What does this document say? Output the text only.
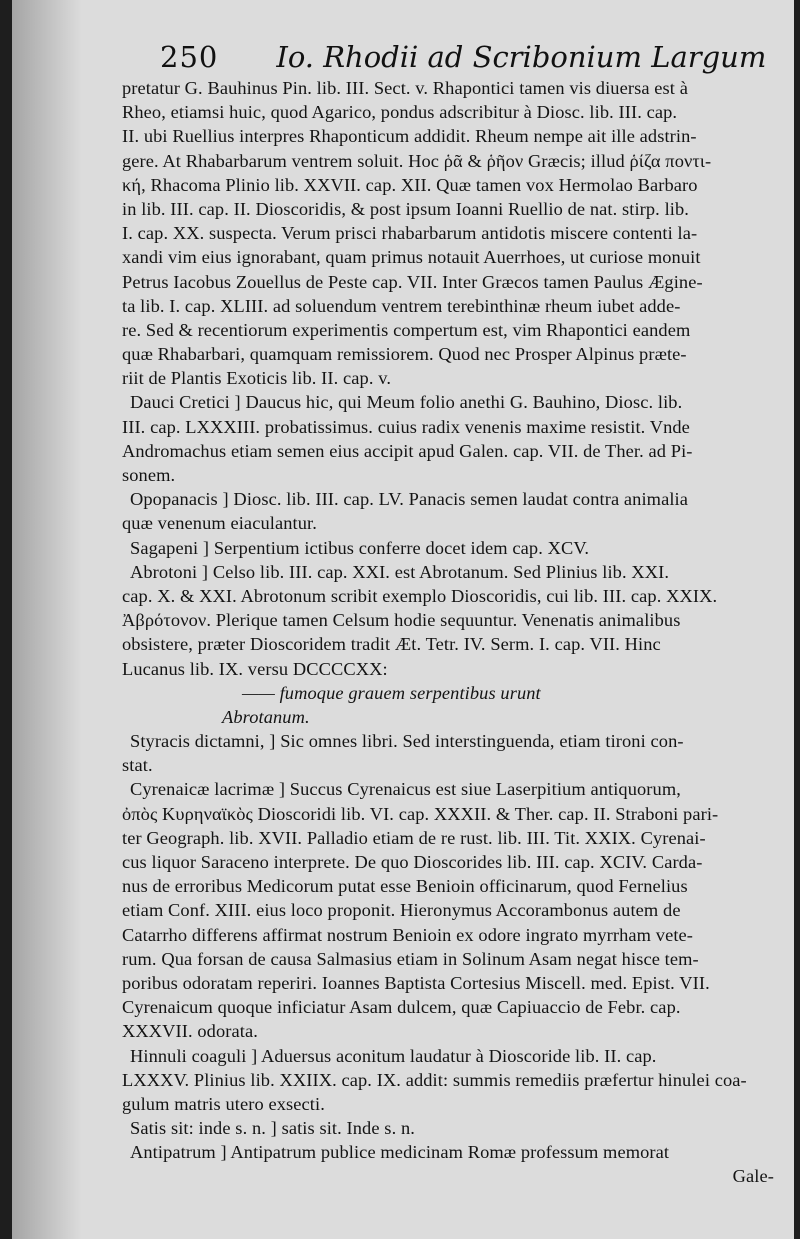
250 Io. Rhodii ad Scribonium Largum
pretatur G. Bauhinus Pin. lib. III. Sect. v. Rhapontici tamen vis diuersa est à
Rheo, etiamsi huic, quod Agarico, pondus adscribitur à Diosc. lib. III. cap.
II. ubi Ruellius interpres Rhaponticum addidit. Rheum nempe ait ille adstrin-
gere. At Rhabarbarum ventrem soluit. Hoc ῥᾶ & ῥῆον Græcis; illud ῥίζα ποντι-
κή, Rhacoma Plinio lib. XXVII. cap. XII. Quæ tamen vox Hermolao Barbaro
in lib. III. cap. II. Dioscoridis, & post ipsum Ioanni Ruellio de nat. stirp. lib.
I. cap. XX. suspecta. Verum prisci rhabarbarum antidotis miscere contenti la-
xandi vim eius ignorabant, quam primus notauit Auerrhoes, ut curiose monuit
Petrus Iacobus Zouellus de Peste cap. VII. Inter Græcos tamen Paulus Ægine-
ta lib. I. cap. XLIII. ad soluendum ventrem terebinthinæ rheum iubet adde-
re. Sed & recentiorum experimentis compertum est, vim Rhapontici eandem
quæ Rhabarbari, quamquam remissiorem. Quod nec Prosper Alpinus præte-
riit de Plantis Exoticis lib. II. cap. v.
Dauci Cretici ] Daucus hic, qui Meum folio anethi G. Bauhino, Diosc. lib.
III. cap. LXXXIII. probatissimus. cuius radix venenis maxime resistit. Vnde
Andromachus etiam semen eius accipit apud Galen. cap. VII. de Ther. ad Pi-
sonem.
Opopanacis ] Diosc. lib. III. cap. LV. Panacis semen laudat contra animalia
quæ venenum eiaculantur.
Sagapeni ] Serpentium ictibus conferre docet idem cap. XCV.
Abrotoni ] Celso lib. III. cap. XXI. est Abrotanum. Sed Plinius lib. XXI.
cap. X. & XXI. Abrotonum scribit exemplo Dioscoridis, cui lib. III. cap. XXIX.
Ἀβρότονον. Plerique tamen Celsum hodie sequuntur. Venenatis animalibus
obsistere, præter Dioscoridem tradit Æt. Tetr. IV. Serm. I. cap. VII. Hinc
Lucanus lib. IX. versu DCCCCXX:
—— fumoque grauem serpentibus urunt
Abrotanum.
Styracis dictamni, ] Sic omnes libri. Sed interstinguenda, etiam tironi con-
stat.
Cyrenaicæ lacrimæ ] Succus Cyrenaicus est siue Laserpitium antiquorum,
ὀπὸς Κυρηναϊκὸς Dioscoridi lib. VI. cap. XXXII. & Ther. cap. II. Straboni pari-
ter Geograph. lib. XVII. Palladio etiam de re rust. lib. III. Tit. XXIX. Cyrenai-
cus liquor Saraceno interprete. De quo Dioscorides lib. III. cap. XCIV. Carda-
nus de erroribus Medicorum putat esse Benioin officinarum, quod Fernelius
etiam Conf. XIII. eius loco proponit. Hieronymus Accorambonus autem de
Catarrho differens affirmat nostrum Benioin ex odore ingrato myrrham vete-
rum. Qua forsan de causa Salmasius etiam in Solinum Asam negat hisce tem-
poribus odoratam reperiri. Ioannes Baptista Cortesius Miscell. med. Epist. VII.
Cyrenaicum quoque inficiatur Asam dulcem, quæ Capiuaccio de Febr. cap.
XXXVII. odorata.
Hinnuli coaguli ] Aduersus aconitum laudatur à Dioscoride lib. II. cap.
LXXXV. Plinius lib. XXIIX. cap. IX. addit: summis remediis præfertur hinulei coa-
gulum matris utero exsecti.
Satis sit: inde s. n. ] satis sit. Inde s. n.
Antipatrum ] Antipatrum publice medicinam Romæ professum memorat
Gale-
